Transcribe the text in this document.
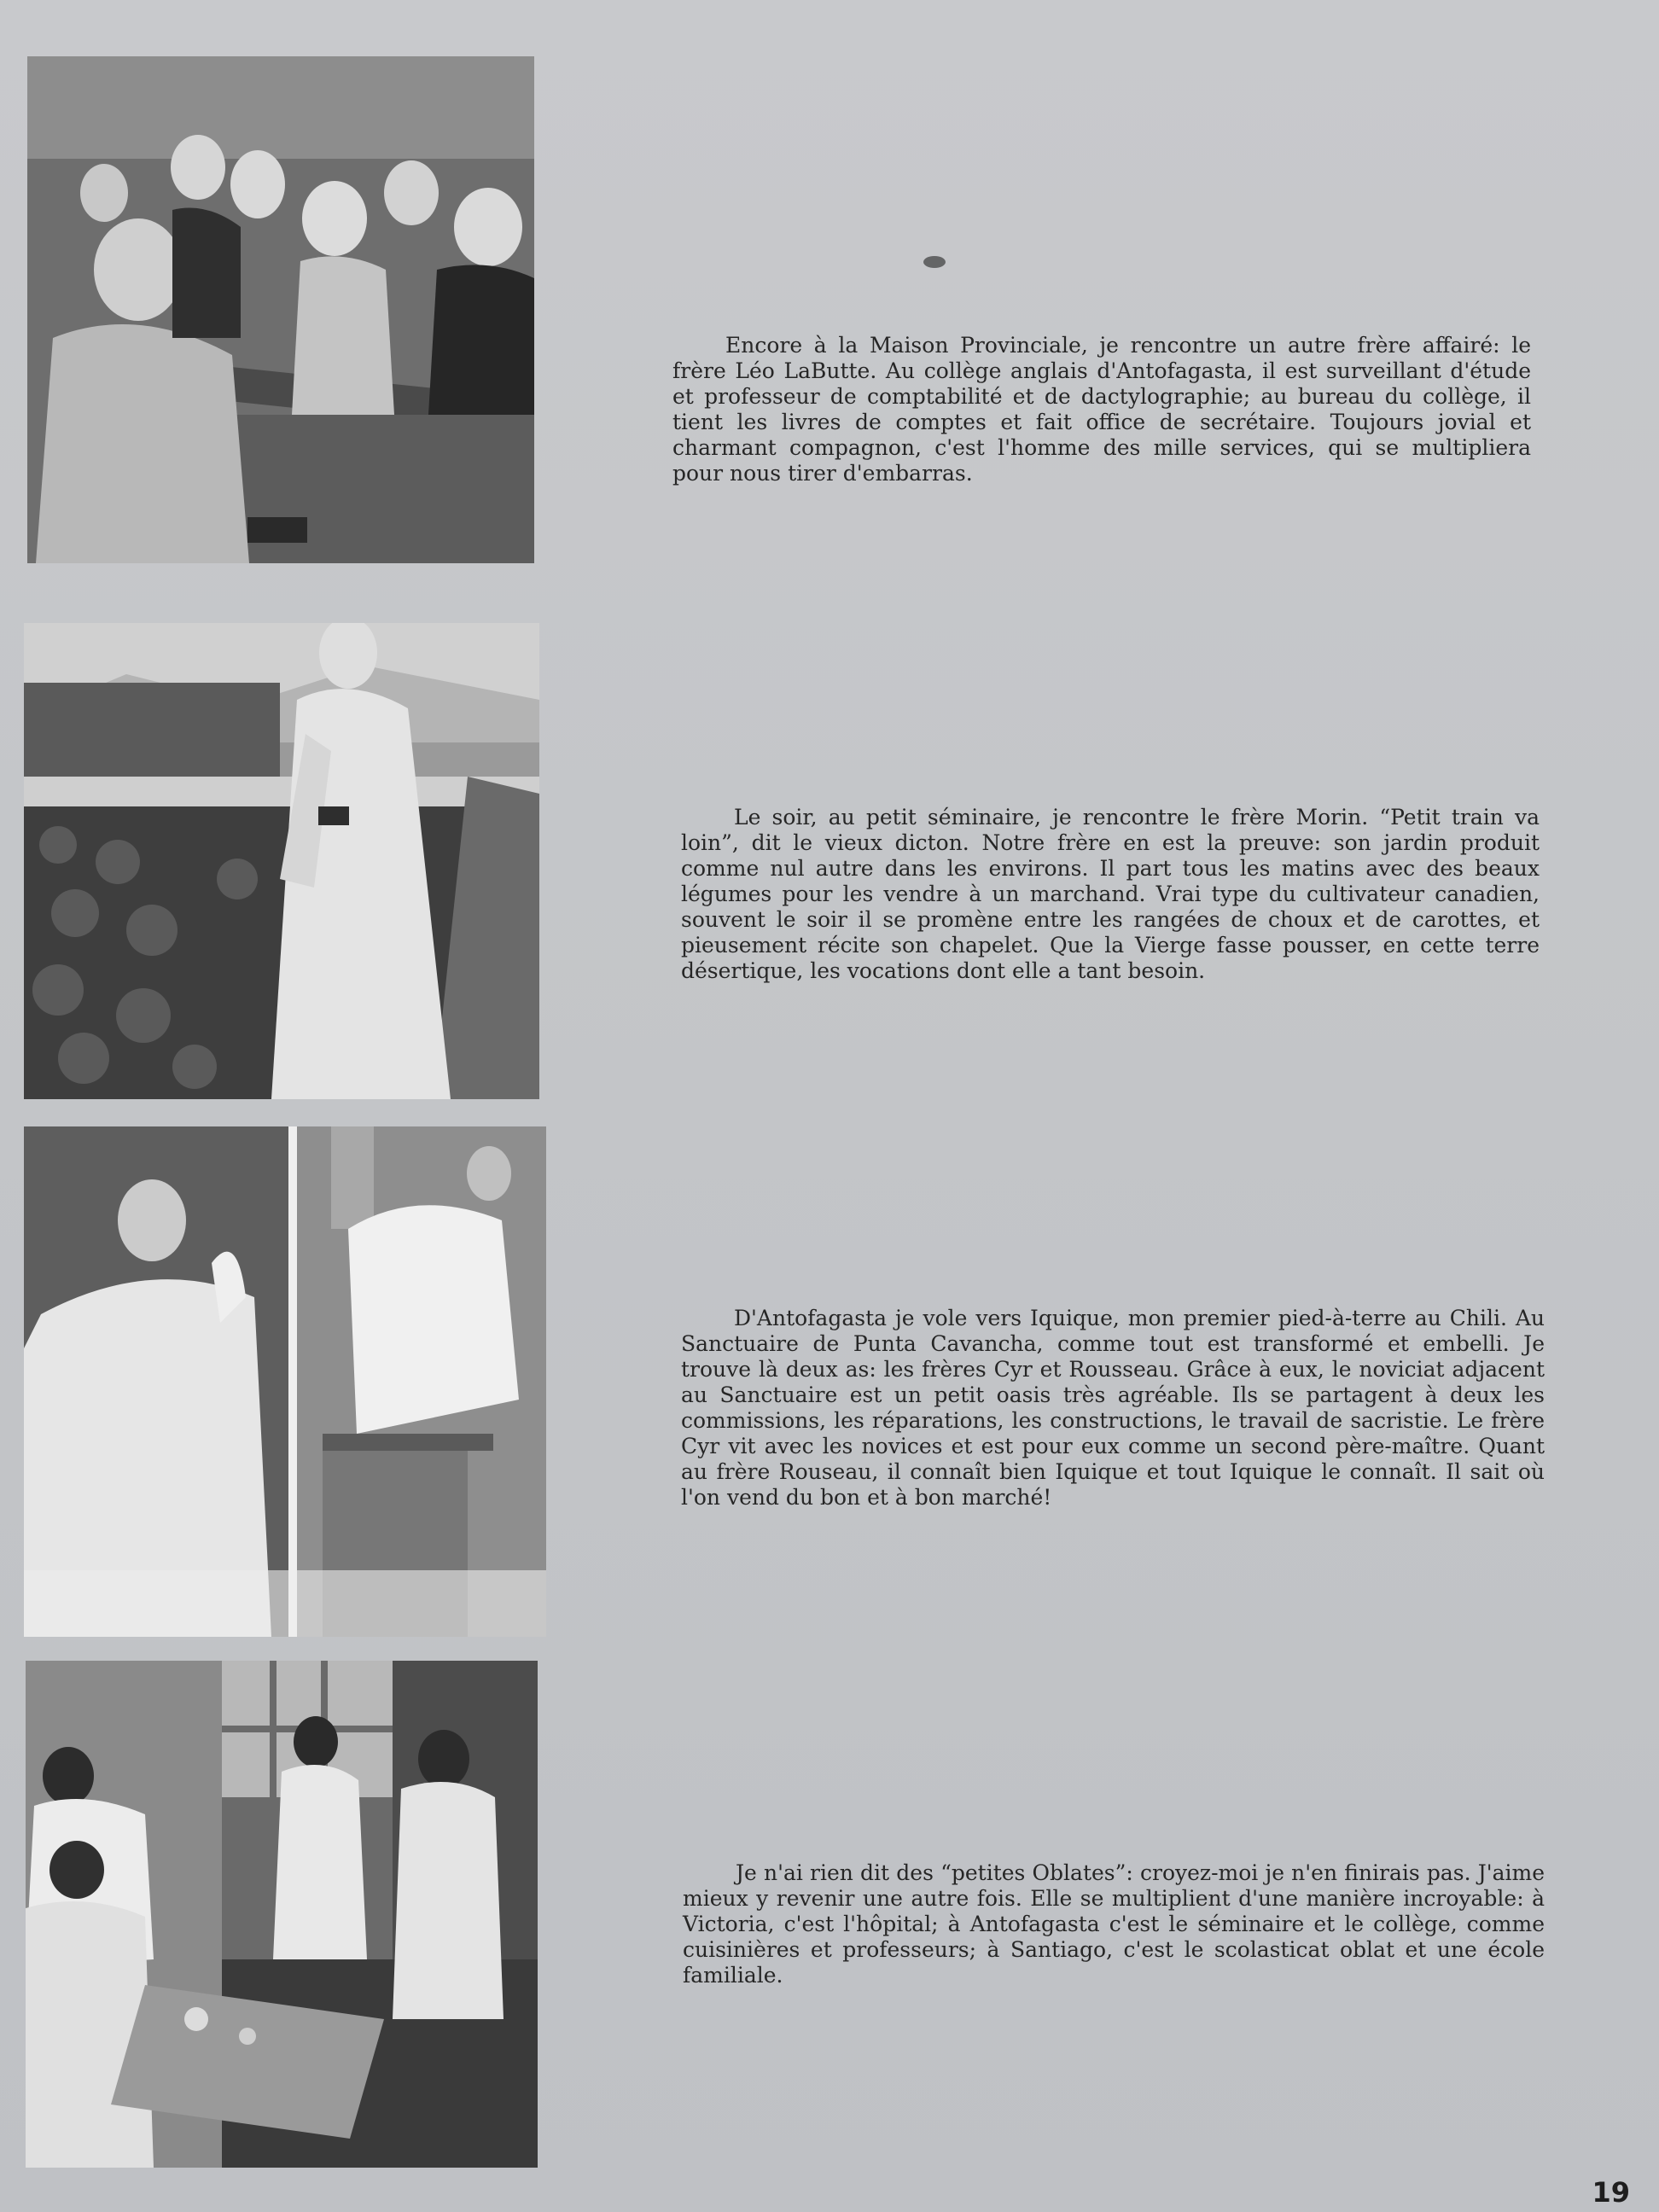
Encore à la Maison Provinciale, je rencontre un autre frère affairé: le frère Léo LaButte. Au collège anglais d'Antofagasta, il est surveillant d'étude et professeur de comptabilité et de dactylographie; au bureau du collège, il tient les livres de comptes et fait office de secrétaire. Toujours jovial et charmant compagnon, c'est l'homme des mille services, qui se multipliera pour nous tirer d'embarras.

Le soir, au petit séminaire, je rencontre le frère Morin. “Petit train va loin”, dit le vieux dicton. Notre frère en est la preuve: son jardin produit comme nul autre dans les environs. Il part tous les matins avec des beaux légumes pour les vendre à un marchand. Vrai type du cultivateur canadien, souvent le soir il se promène entre les rangées de choux et de carottes, et pieusement récite son chapelet. Que la Vierge fasse pousser, en cette terre désertique, les vocations dont elle a tant besoin.

D'Antofagasta je vole vers Iquique, mon premier pied-à-terre au Chili. Au Sanctuaire de Punta Cavancha, comme tout est transformé et embelli. Je trouve là deux as: les frères Cyr et Rousseau. Grâce à eux, le noviciat adjacent au Sanctuaire est un petit oasis très agréable. Ils se partagent à deux les commissions, les réparations, les constructions, le travail de sacristie. Le frère Cyr vit avec les novices et est pour eux comme un second père-maître. Quant au frère Rouseau, il connaît bien Iquique et tout Iquique le connaît. Il sait où l'on vend du bon et à bon marché!

Je n'ai rien dit des “petites Oblates”: croyez-moi je n'en finirais pas. J'aime mieux y revenir une autre fois. Elle se multiplient d'une manière incroyable: à Victoria, c'est l'hôpital; à Antofagasta c'est le séminaire et le collège, comme cuisinières et professeurs; à Santiago, c'est le scolasticat oblat et une école familiale.

19
